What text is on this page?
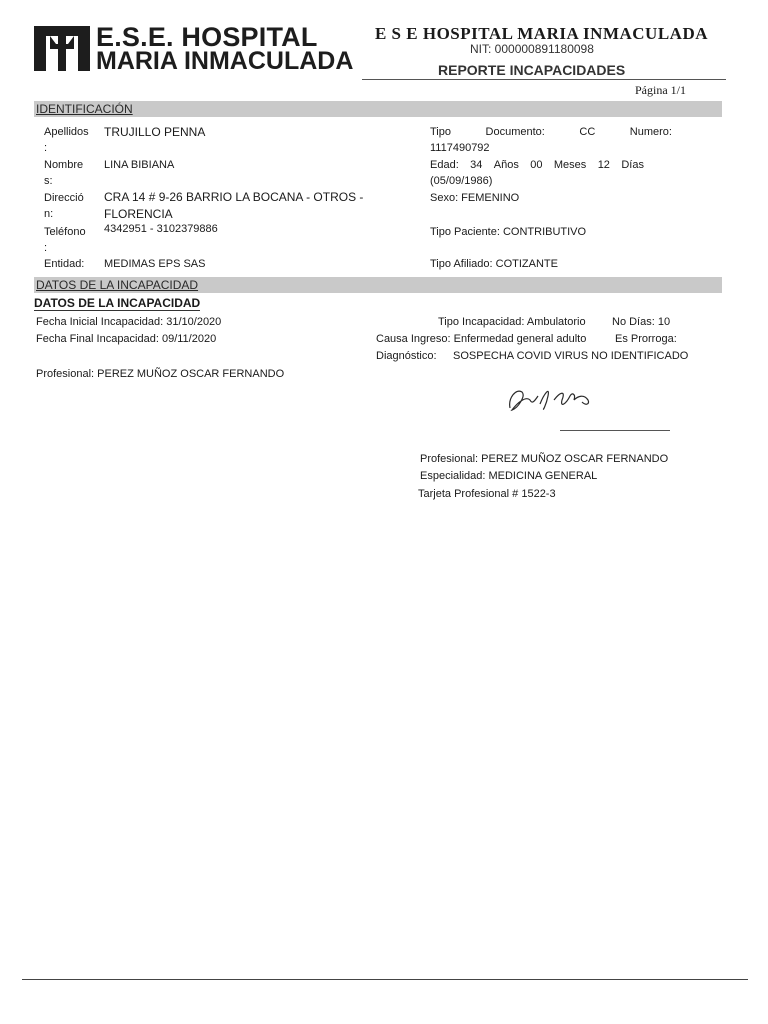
E.S.E. HOSPITAL
MARIA INMACULADA
E S E HOSPITAL MARIA INMACULADA
NIT: 000000891180098
REPORTE INCAPACIDADES
Página 1/1
IDENTIFICACIÓN
Apellidos
:
TRUJILLO PENNA
Nombre
s:
LINA BIBIANA
Direcció
n:
CRA 14 # 9-26 BARRIO LA BOCANA - OTROS -
FLORENCIA
Teléfono
:
4342951 - 3102379886
Entidad: MEDIMAS EPS SAS
Tipo	Documento:	CC	Numero:
1117490792
Edad: 34 Años 00 Meses 12 Días
(05/09/1986)
Sexo: FEMENINO
Tipo Paciente: CONTRIBUTIVO
Tipo Afiliado: COTIZANTE
DATOS DE LA INCAPACIDAD
DATOS DE LA INCAPACIDAD
Fecha Inicial Incapacidad: 31/10/2020
Fecha Final Incapacidad: 09/11/2020
Tipo Incapacidad: Ambulatorio No Días: 10
Causa Ingreso: Enfermedad general adulto	Es Prorroga:
Diagnóstico: SOSPECHA COVID VIRUS NO IDENTIFICADO
Profesional: PEREZ MUÑOZ OSCAR FERNANDO
Profesional: PEREZ MUÑOZ OSCAR FERNANDO
Especialidad: MEDICINA GENERAL
Tarjeta Profesional # 1522-3
